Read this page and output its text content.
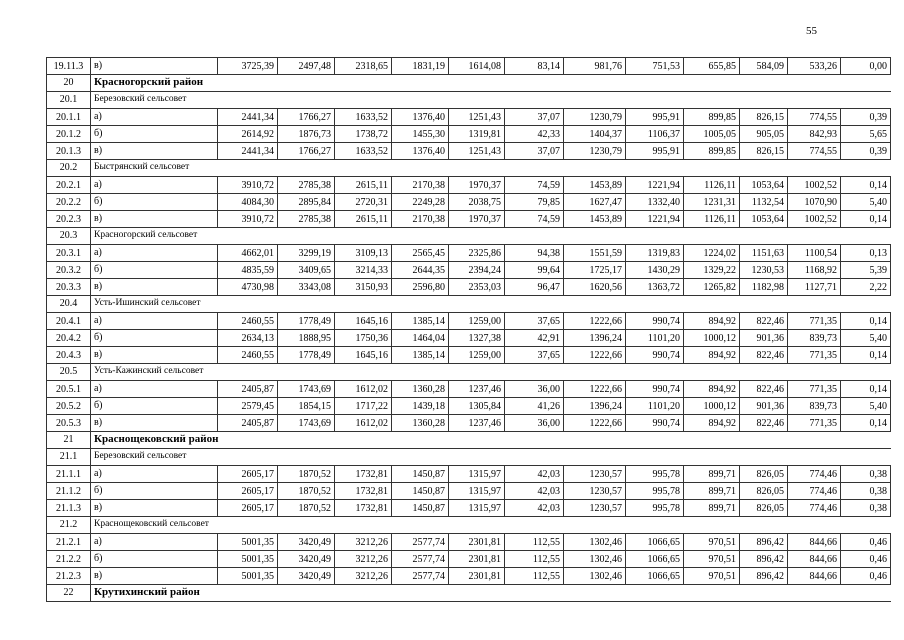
55
19.11.3	в)	3725,39	2497,48	2318,65	1831,19	1614,08	83,14	981,76	751,53	655,85	584,09	533,26	0,00
20	Красногорский район												
20.1	Березовский сельсовет												
20.1.1	а)	2441,34	1766,27	1633,52	1376,40	1251,43	37,07	1230,79	995,91	899,85	826,15	774,55	0,39
20.1.2	б)	2614,92	1876,73	1738,72	1455,30	1319,81	42,33	1404,37	1106,37	1005,05	905,05	842,93	5,65
20.1.3	в)	2441,34	1766,27	1633,52	1376,40	1251,43	37,07	1230,79	995,91	899,85	826,15	774,55	0,39
20.2	Быстрянский сельсовет												
20.2.1	а)	3910,72	2785,38	2615,11	2170,38	1970,37	74,59	1453,89	1221,94	1126,11	1053,64	1002,52	0,14
20.2.2	б)	4084,30	2895,84	2720,31	2249,28	2038,75	79,85	1627,47	1332,40	1231,31	1132,54	1070,90	5,40
20.2.3	в)	3910,72	2785,38	2615,11	2170,38	1970,37	74,59	1453,89	1221,94	1126,11	1053,64	1002,52	0,14
20.3	Красногорский сельсовет												
20.3.1	а)	4662,01	3299,19	3109,13	2565,45	2325,86	94,38	1551,59	1319,83	1224,02	1151,63	1100,54	0,13
20.3.2	б)	4835,59	3409,65	3214,33	2644,35	2394,24	99,64	1725,17	1430,29	1329,22	1230,53	1168,92	5,39
20.3.3	в)	4730,98	3343,08	3150,93	2596,80	2353,03	96,47	1620,56	1363,72	1265,82	1182,98	1127,71	2,22
20.4	Усть-Ишинский сельсовет												
20.4.1	а)	2460,55	1778,49	1645,16	1385,14	1259,00	37,65	1222,66	990,74	894,92	822,46	771,35	0,14
20.4.2	б)	2634,13	1888,95	1750,36	1464,04	1327,38	42,91	1396,24	1101,20	1000,12	901,36	839,73	5,40
20.4.3	в)	2460,55	1778,49	1645,16	1385,14	1259,00	37,65	1222,66	990,74	894,92	822,46	771,35	0,14
20.5	Усть-Кажинский сельсовет												
20.5.1	а)	2405,87	1743,69	1612,02	1360,28	1237,46	36,00	1222,66	990,74	894,92	822,46	771,35	0,14
20.5.2	б)	2579,45	1854,15	1717,22	1439,18	1305,84	41,26	1396,24	1101,20	1000,12	901,36	839,73	5,40
20.5.3	в)	2405,87	1743,69	1612,02	1360,28	1237,46	36,00	1222,66	990,74	894,92	822,46	771,35	0,14
21	Краснощековский район												
21.1	Березовский сельсовет												
21.1.1	а)	2605,17	1870,52	1732,81	1450,87	1315,97	42,03	1230,57	995,78	899,71	826,05	774,46	0,38
21.1.2	б)	2605,17	1870,52	1732,81	1450,87	1315,97	42,03	1230,57	995,78	899,71	826,05	774,46	0,38
21.1.3	в)	2605,17	1870,52	1732,81	1450,87	1315,97	42,03	1230,57	995,78	899,71	826,05	774,46	0,38
21.2	Краснощековский сельсовет												
21.2.1	а)	5001,35	3420,49	3212,26	2577,74	2301,81	112,55	1302,46	1066,65	970,51	896,42	844,66	0,46
21.2.2	б)	5001,35	3420,49	3212,26	2577,74	2301,81	112,55	1302,46	1066,65	970,51	896,42	844,66	0,46
21.2.3	в)	5001,35	3420,49	3212,26	2577,74	2301,81	112,55	1302,46	1066,65	970,51	896,42	844,66	0,46
22	Крутихинский район												
